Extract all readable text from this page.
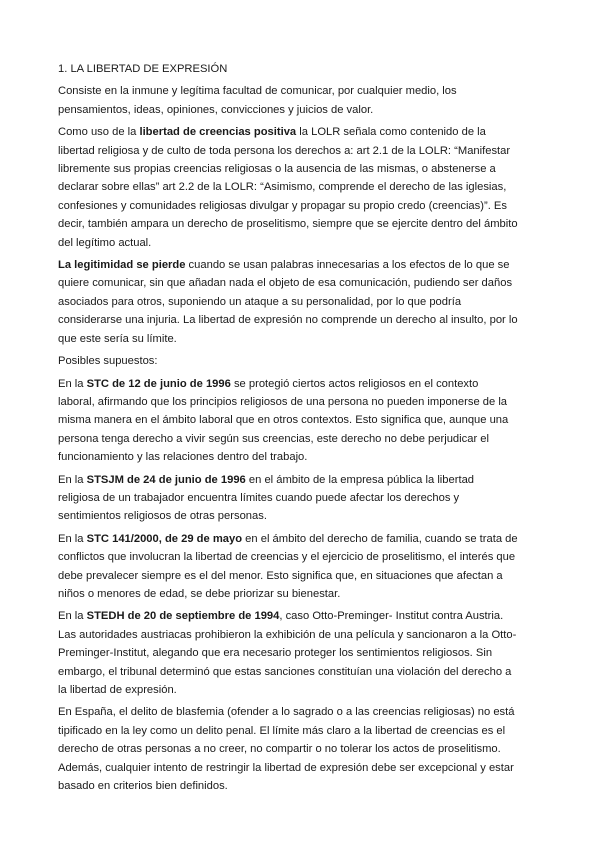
1. LA LIBERTAD DE EXPRESIÓN

Consiste en la inmune y legítima facultad de comunicar, por cualquier medio, los pensamientos, ideas, opiniones, convicciones y juicios de valor.

Como uso de la libertad de creencias positiva la LOLR señala como contenido de la libertad religiosa y de culto de toda persona los derechos a: art 2.1 de la LOLR: “Manifestar libremente sus propias creencias religiosas o la ausencia de las mismas, o abstenerse a declarar sobre ellas” art 2.2 de la LOLR: “Asimismo, comprende el derecho de las iglesias, confesiones y comunidades religiosas divulgar y propagar su propio credo (creencias)”. Es decir, también ampara un derecho de proselitismo, siempre que se ejercite dentro del ámbito del legítimo actual.

La legitimidad se pierde cuando se usan palabras innecesarias a los efectos de lo que se quiere comunicar, sin que añadan nada el objeto de esa comunicación, pudiendo ser daños asociados para otros, suponiendo un ataque a su personalidad, por lo que podría considerarse una injuria. La libertad de expresión no comprende un derecho al insulto, por lo que este sería su límite.

Posibles supuestos:

En la STC de 12 de junio de 1996 se protegió ciertos actos religiosos en el contexto laboral, afirmando que los principios religiosos de una persona no pueden imponerse de la misma manera en el ámbito laboral que en otros contextos. Esto significa que, aunque una persona tenga derecho a vivir según sus creencias, este derecho no debe perjudicar el funcionamiento y las relaciones dentro del trabajo.

En la STSJM de 24 de junio de 1996 en el ámbito de la empresa pública la libertad religiosa de un trabajador encuentra límites cuando puede afectar los derechos y sentimientos religiosos de otras personas.

En la STC 141/2000, de 29 de mayo en el ámbito del derecho de familia, cuando se trata de conflictos que involucran la libertad de creencias y el ejercicio de proselitismo, el interés que debe prevalecer siempre es el del menor. Esto significa que, en situaciones que afectan a niños o menores de edad, se debe priorizar su bienestar.

En la STEDH de 20 de septiembre de 1994, caso Otto-Preminger- Institut contra Austria. Las autoridades austriacas prohibieron la exhibición de una película y sancionaron a la Otto-Preminger-Institut, alegando que era necesario proteger los sentimientos religiosos. Sin embargo, el tribunal determinó que estas sanciones constituían una violación del derecho a la libertad de expresión.

En España, el delito de blasfemia (ofender a lo sagrado o a las creencias religiosas) no está tipificado en la ley como un delito penal. El límite más claro a la libertad de creencias es el derecho de otras personas a no creer, no compartir o no tolerar los actos de proselitismo. Además, cualquier intento de restringir la libertad de expresión debe ser excepcional y estar basado en criterios bien definidos.
